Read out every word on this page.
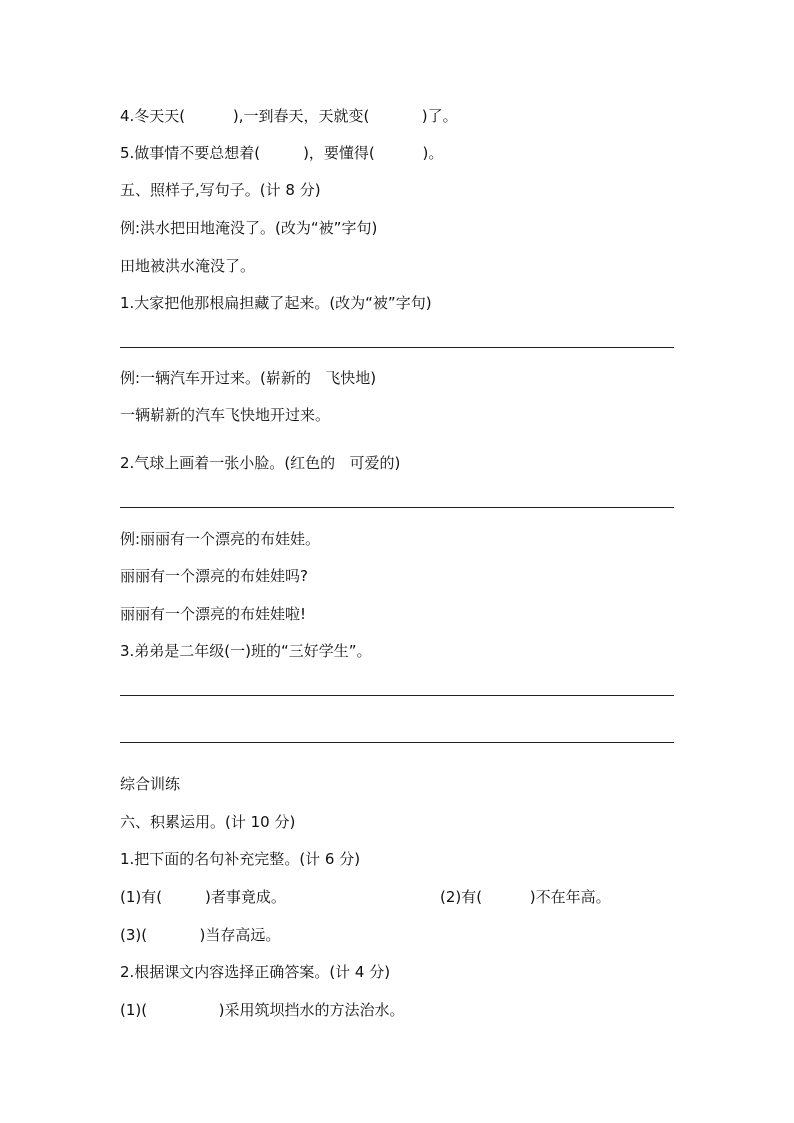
4.冬天天(          ),一到春天，天就变(           )了。
5.做事情不要总想着(         )，要懂得(          )。
五、照样子,写句子。(计 8 分)
例:洪水把田地淹没了。(改为“被”字句)
田地被洪水淹没了。
1.大家把他那根扁担藏了起来。(改为“被”字句)
例:一辆汽车开过来。(崭新的   飞快地)
一辆崭新的汽车飞快地开过来。
2.气球上画着一张小脸。(红色的   可爱的)
例:丽丽有一个漂亮的布娃娃。
丽丽有一个漂亮的布娃娃吗?
丽丽有一个漂亮的布娃娃啦!
3.弟弟是二年级(一)班的“三好学生”。
综合训练
六、积累运用。(计 10 分)
1.把下面的名句补充完整。(计 6 分)
(1)有(         )者事竟成。	(2)有(          )不在年高。
(3)(           )当存高远。
2.根据课文内容选择正确答案。(计 4 分)
(1)(               )采用筑坝挡水的方法治水。
